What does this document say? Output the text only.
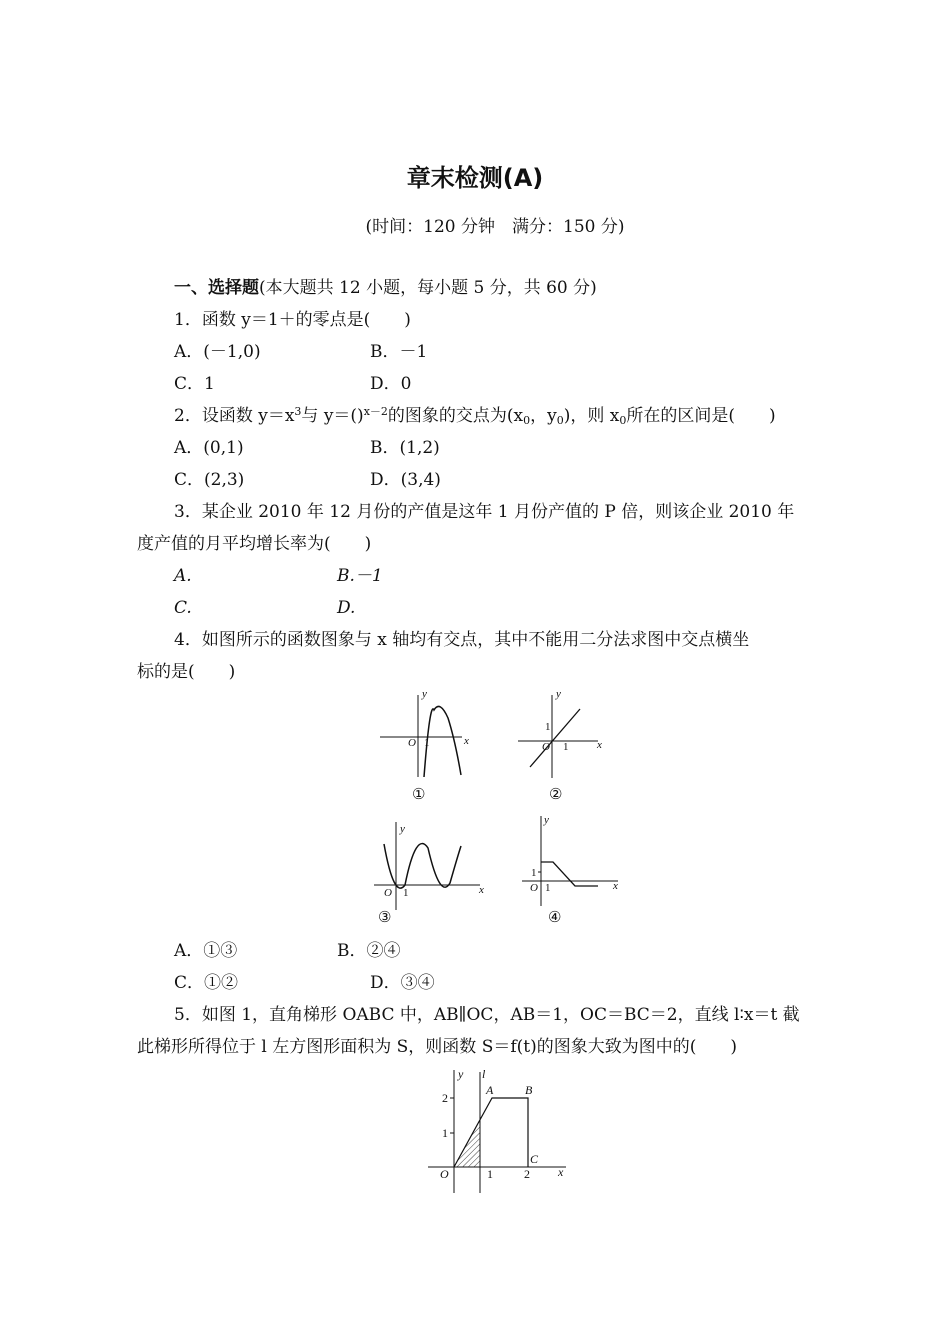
章末检测(A)
(时间：120 分钟　满分：150 分)
一、选择题(本大题共 12 小题，每小题 5 分，共 60 分)
1．函数 y＝1＋的零点是(　　)
A．(－1,0)	B．－1
C．1	D．0
2．设函数 $y=x^3$与 y＝()$^{x-2}$的图象的交点为($x_0$，$y_0$)，则 $x_0$所在的区间是(　　)
A．(0,1)	B．(1,2)
C．(2,3)	D．(3,4)
3．某企业 2010 年 12 月份的产值是这年 1 月份产值的 P 倍，则该企业 2010 年
度产值的月平均增长率为(　　)
A.	B.－1
C.	D.
4．如图所示的函数图象与 x 轴均有交点，其中不能用二分法求图中交点横坐
标的是(　　)
y
x
O 1
①
y
x
O 1
1
②
y
x
O 1
③
y
x
O 1
1
④
A．①③	B．②④
C．①②	D．③④
5．如图 1，直角梯形 OABC 中，AB∥OC，AB＝1，OC＝BC＝2，直线 l∶x＝t 截
此梯形所得位于 l 左方图形面积为 S，则函数 S＝f(t)的图象大致为图中的(　　)
y l
A	B
C
O	x
1	2
1
2
